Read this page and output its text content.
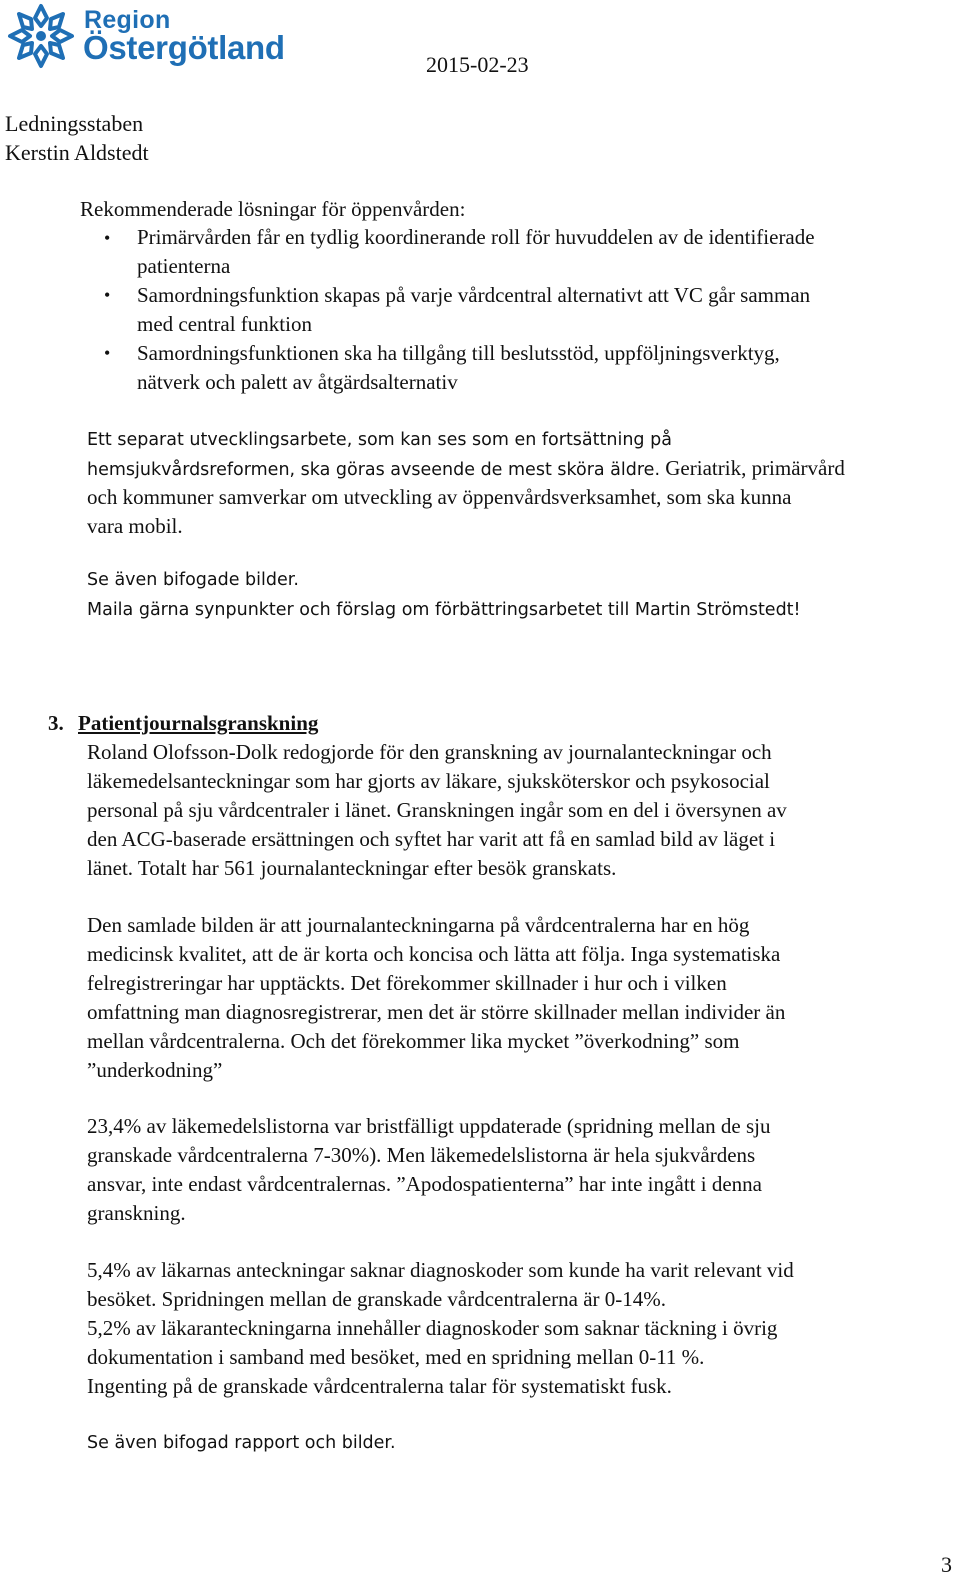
Region
Östergötland	2015-02-23
Ledningsstaben
Kerstin Aldstedt
Rekommenderade lösningar för öppenvården:
• Primärvården får en tydlig koordinerande roll för huvuddelen av de identifierade
patienterna
• Samordningsfunktion skapas på varje vårdcentral alternativt att VC går samman
med central funktion
• Samordningsfunktionen ska ha tillgång till beslutsstöd, uppföljningsverktyg,
nätverk och palett av åtgärdsalternativ
Ett separat utvecklingsarbete, som kan ses som en fortsättning på
hemsjukvårdsreformen, ska göras avseende de mest sköra äldre. Geriatrik, primärvård
och kommuner samverkar om utveckling av öppenvårdsverksamhet, som ska kunna
vara mobil.
Se även bifogade bilder.
Maila gärna synpunkter och förslag om förbättringsarbetet till Martin Strömstedt!
3. Patientjournalsgranskning
Roland Olofsson-Dolk redogjorde för den granskning av journalanteckningar och
läkemedelsanteckningar som har gjorts av läkare, sjuksköterskor och psykosocial
personal på sju vårdcentraler i länet. Granskningen ingår som en del i översynen av
den ACG-baserade ersättningen och syftet har varit att få en samlad bild av läget i
länet. Totalt har 561 journalanteckningar efter besök granskats.
Den samlade bilden är att journalanteckningarna på vårdcentralerna har en hög
medicinsk kvalitet, att de är korta och koncisa och lätta att följa. Inga systematiska
felregistreringar har upptäckts. Det förekommer skillnader i hur och i vilken
omfattning man diagnosregistrerar, men det är större skillnader mellan individer än
mellan vårdcentralerna. Och det förekommer lika mycket ”överkodning” som
”underkodning”
23,4% av läkemedelslistorna var bristfälligt uppdaterade (spridning mellan de sju
granskade vårdcentralerna 7-30%). Men läkemedelslistorna är hela sjukvårdens
ansvar, inte endast vårdcentralernas. ”Apodospatienterna” har inte ingått i denna
granskning.
5,4% av läkarnas anteckningar saknar diagnoskoder som kunde ha varit relevant vid
besöket. Spridningen mellan de granskade vårdcentralerna är 0-14%.
5,2% av läkaranteckningarna innehåller diagnoskoder som saknar täckning i övrig
dokumentation i samband med besöket, med en spridning mellan 0-11 %.
Ingenting på de granskade vårdcentralerna talar för systematiskt fusk.
Se även bifogad rapport och bilder.
3
